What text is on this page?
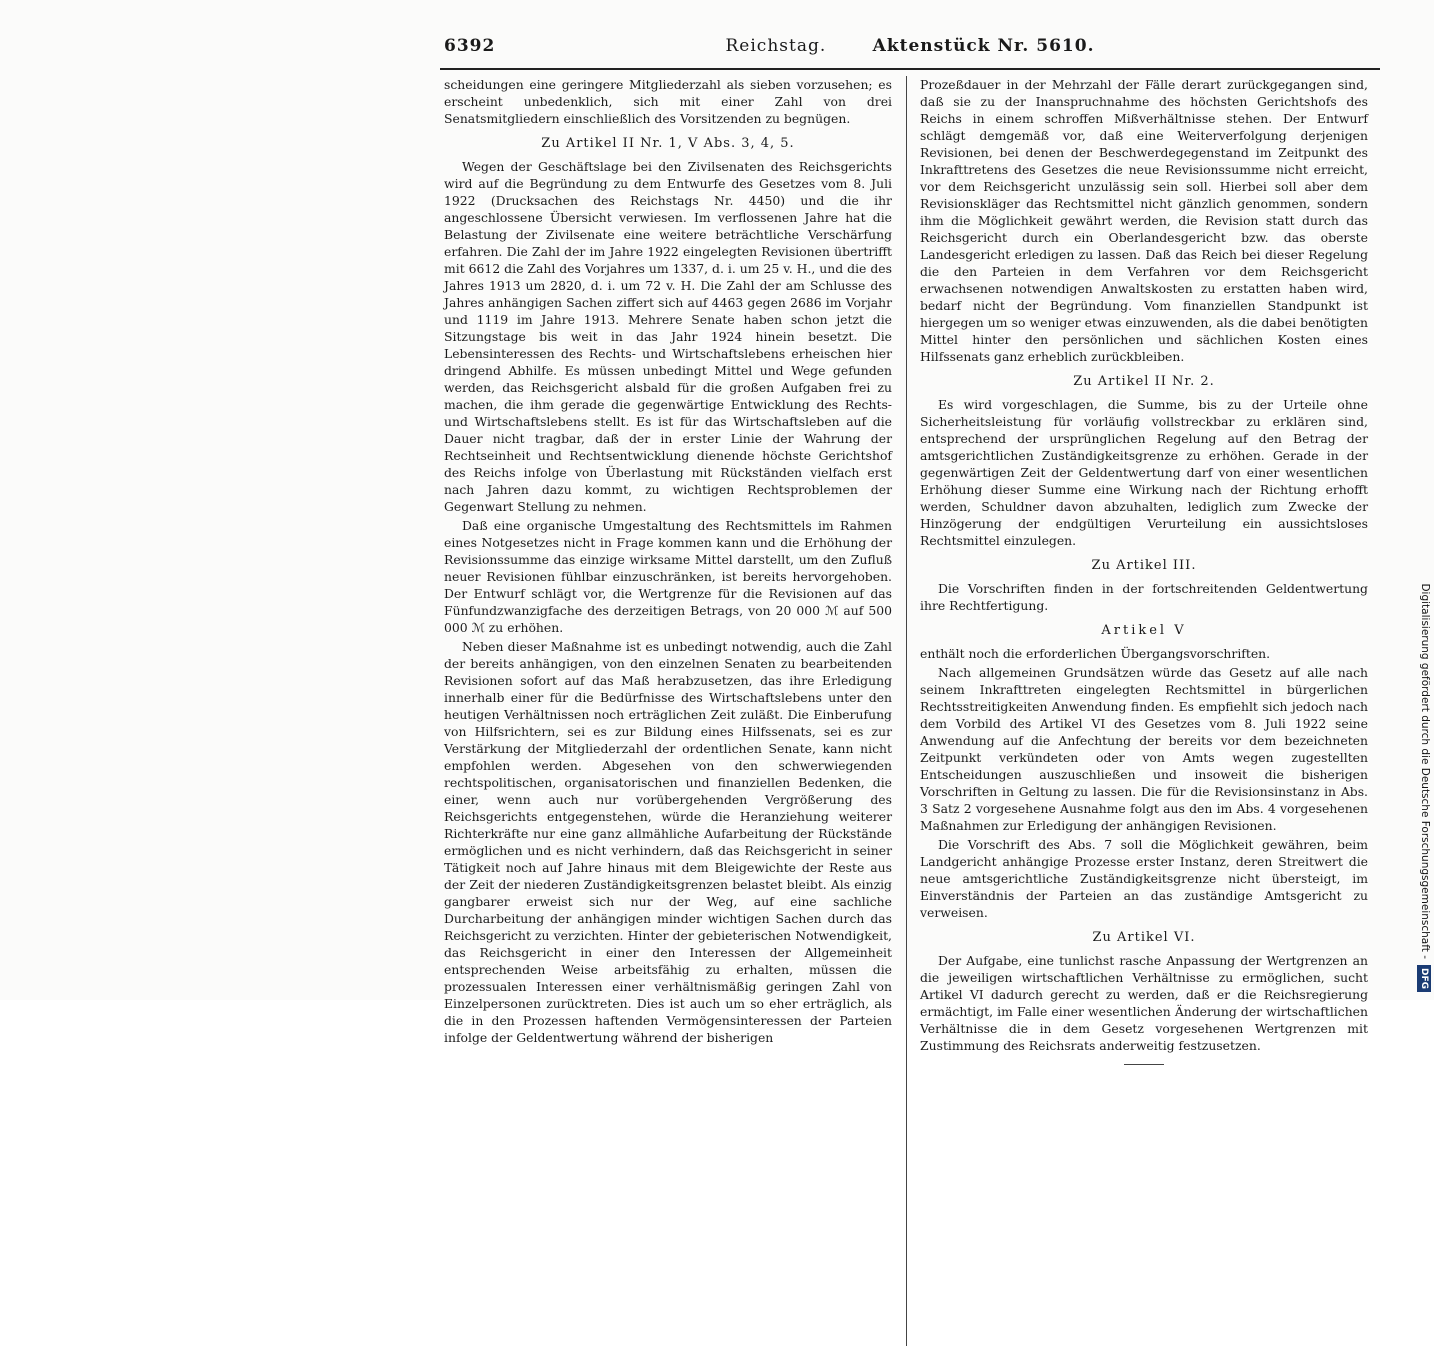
6392	Reichstag.	Aktenstück Nr. 5610.

scheidungen eine geringere Mitgliederzahl als sieben vorzusehen; es erscheint unbedenklich, sich mit einer Zahl von drei Senatsmitgliedern einschließlich des Vorsitzenden zu begnügen.

Zu Artikel II Nr. 1, V Abs. 3, 4, 5.

Wegen der Geschäftslage bei den Zivilsenaten des Reichsgerichts wird auf die Begründung zu dem Entwurfe des Gesetzes vom 8. Juli 1922 (Drucksachen des Reichstags Nr. 4450) und die ihr angeschlossene Übersicht verwiesen. Im verflossenen Jahre hat die Belastung der Zivilsenate eine weitere beträchtliche Verschärfung erfahren. Die Zahl der im Jahre 1922 eingelegten Revisionen übertrifft mit 6612 die Zahl des Vorjahres um 1337, d. i. um 25 v. H., und die des Jahres 1913 um 2820, d. i. um 72 v. H. Die Zahl der am Schlusse des Jahres anhängigen Sachen ziffert sich auf 4463 gegen 2686 im Vorjahr und 1119 im Jahre 1913. Mehrere Senate haben schon jetzt die Sitzungstage bis weit in das Jahr 1924 hinein besetzt. Die Lebensinteressen des Rechts- und Wirtschaftslebens erheischen hier dringend Abhilfe. Es müssen unbedingt Mittel und Wege gefunden werden, das Reichsgericht alsbald für die großen Aufgaben frei zu machen, die ihm gerade die gegenwärtige Entwicklung des Rechts- und Wirtschaftslebens stellt. Es ist für das Wirtschaftsleben auf die Dauer nicht tragbar, daß der in erster Linie der Wahrung der Rechtseinheit und Rechtsentwicklung dienende höchste Gerichtshof des Reichs infolge von Überlastung mit Rückständen vielfach erst nach Jahren dazu kommt, zu wichtigen Rechtsproblemen der Gegenwart Stellung zu nehmen.

Daß eine organische Umgestaltung des Rechtsmittels im Rahmen eines Notgesetzes nicht in Frage kommen kann und die Erhöhung der Revisionssumme das einzige wirksame Mittel darstellt, um den Zufluß neuer Revisionen fühlbar einzuschränken, ist bereits hervorgehoben. Der Entwurf schlägt vor, die Wertgrenze für die Revisionen auf das Fünfundzwanzigfache des derzeitigen Betrags, von 20 000 ℳ auf 500 000 ℳ zu erhöhen.

Neben dieser Maßnahme ist es unbedingt notwendig, auch die Zahl der bereits anhängigen, von den einzelnen Senaten zu bearbeitenden Revisionen sofort auf das Maß herabzusetzen, das ihre Erledigung innerhalb einer für die Bedürfnisse des Wirtschaftslebens unter den heutigen Verhältnissen noch erträglichen Zeit zuläßt. Die Einberufung von Hilfsrichtern, sei es zur Bildung eines Hilfssenats, sei es zur Verstärkung der Mitgliederzahl der ordentlichen Senate, kann nicht empfohlen werden. Abgesehen von den schwerwiegenden rechtspolitischen, organisatorischen und finanziellen Bedenken, die einer, wenn auch nur vorübergehenden Vergrößerung des Reichsgerichts entgegenstehen, würde die Heranziehung weiterer Richterkräfte nur eine ganz allmähliche Aufarbeitung der Rückstände ermöglichen und es nicht verhindern, daß das Reichsgericht in seiner Tätigkeit noch auf Jahre hinaus mit dem Bleigewichte der Reste aus der Zeit der niederen Zuständigkeitsgrenzen belastet bleibt. Als einzig gangbarer erweist sich nur der Weg, auf eine sachliche Durcharbeitung der anhängigen minder wichtigen Sachen durch das Reichsgericht zu verzichten. Hinter der gebieterischen Notwendigkeit, das Reichsgericht in einer den Interessen der Allgemeinheit entsprechenden Weise arbeitsfähig zu erhalten, müssen die prozessualen Interessen einer verhältnismäßig geringen Zahl von Einzelpersonen zurücktreten. Dies ist auch um so eher erträglich, als die in den Prozessen haftenden Vermögensinteressen der Parteien infolge der Geldentwertung während der bisherigen

Prozeßdauer in der Mehrzahl der Fälle derart zurückgegangen sind, daß sie zu der Inanspruchnahme des höchsten Gerichtshofs des Reichs in einem schroffen Mißverhältnisse stehen. Der Entwurf schlägt demgemäß vor, daß eine Weiterverfolgung derjenigen Revisionen, bei denen der Beschwerdegegenstand im Zeitpunkt des Inkrafttretens des Gesetzes die neue Revisionssumme nicht erreicht, vor dem Reichsgericht unzulässig sein soll. Hierbei soll aber dem Revisionskläger das Rechtsmittel nicht gänzlich genommen, sondern ihm die Möglichkeit gewährt werden, die Revision statt durch das Reichsgericht durch ein Oberlandesgericht bzw. das oberste Landesgericht erledigen zu lassen. Daß das Reich bei dieser Regelung die den Parteien in dem Verfahren vor dem Reichsgericht erwachsenen notwendigen Anwaltskosten zu erstatten haben wird, bedarf nicht der Begründung. Vom finanziellen Standpunkt ist hiergegen um so weniger etwas einzuwenden, als die dabei benötigten Mittel hinter den persönlichen und sächlichen Kosten eines Hilfssenats ganz erheblich zurückbleiben.

Zu Artikel II Nr. 2.

Es wird vorgeschlagen, die Summe, bis zu der Urteile ohne Sicherheitsleistung für vorläufig vollstreckbar zu erklären sind, entsprechend der ursprünglichen Regelung auf den Betrag der amtsgerichtlichen Zuständigkeitsgrenze zu erhöhen. Gerade in der gegenwärtigen Zeit der Geldentwertung darf von einer wesentlichen Erhöhung dieser Summe eine Wirkung nach der Richtung erhofft werden, Schuldner davon abzuhalten, lediglich zum Zwecke der Hinzögerung der endgültigen Verurteilung ein aussichtsloses Rechtsmittel einzulegen.

Zu Artikel III.

Die Vorschriften finden in der fortschreitenden Geldentwertung ihre Rechtfertigung.

Artikel V

enthält noch die erforderlichen Übergangsvorschriften.

Nach allgemeinen Grundsätzen würde das Gesetz auf alle nach seinem Inkrafttreten eingelegten Rechtsmittel in bürgerlichen Rechtsstreitigkeiten Anwendung finden. Es empfiehlt sich jedoch nach dem Vorbild des Artikel VI des Gesetzes vom 8. Juli 1922 seine Anwendung auf die Anfechtung der bereits vor dem bezeichneten Zeitpunkt verkündeten oder von Amts wegen zugestellten Entscheidungen auszuschließen und insoweit die bisherigen Vorschriften in Geltung zu lassen. Die für die Revisionsinstanz in Abs. 3 Satz 2 vorgesehene Ausnahme folgt aus den im Abs. 4 vorgesehenen Maßnahmen zur Erledigung der anhängigen Revisionen.

Die Vorschrift des Abs. 7 soll die Möglichkeit gewähren, beim Landgericht anhängige Prozesse erster Instanz, deren Streitwert die neue amtsgerichtliche Zuständigkeitsgrenze nicht übersteigt, im Einverständnis der Parteien an das zuständige Amtsgericht zu verweisen.

Zu Artikel VI.

Der Aufgabe, eine tunlichst rasche Anpassung der Wertgrenzen an die jeweiligen wirtschaftlichen Verhältnisse zu ermöglichen, sucht Artikel VI dadurch gerecht zu werden, daß er die Reichsregierung ermächtigt, im Falle einer wesentlichen Änderung der wirtschaftlichen Verhältnisse die in dem Gesetz vorgesehenen Wertgrenzen mit Zustimmung des Reichsrats anderweitig festzusetzen.

Digitalisierung gefördert durch die Deutsche Forschungsgemeinschaft -DFG
